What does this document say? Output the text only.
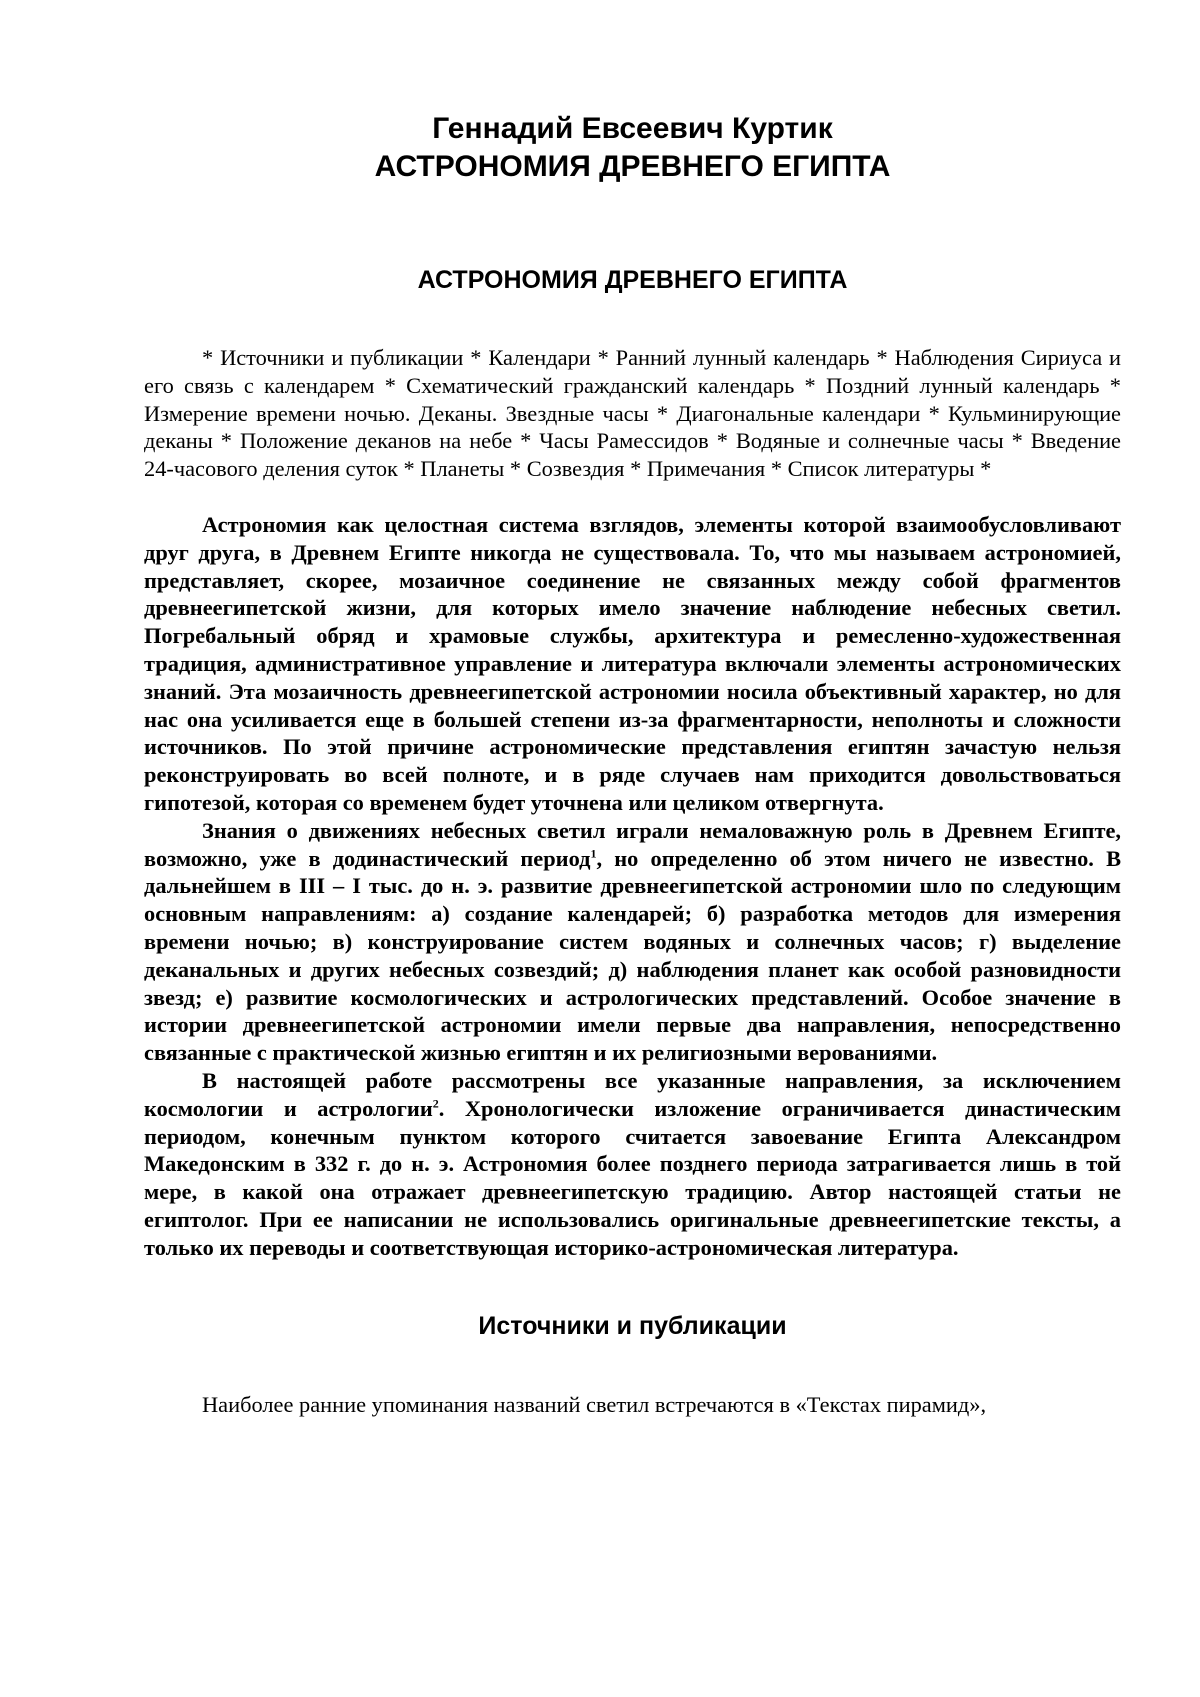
Геннадий Евсеевич Куртик

АСТРОНОМИЯ ДРЕВНЕГО ЕГИПТА

АСТРОНОМИЯ ДРЕВНЕГО ЕГИПТА

* Источники и публикации * Календари * Ранний лунный календарь * Наблюдения Сириуса и его связь с календарем * Схематический гражданский календарь * Поздний лунный календарь * Измерение времени ночью. Деканы. Звездные часы * Диагональные календари * Кульминирующие деканы * Положение деканов на небе * Часы Рамессидов * Водяные и солнечные часы * Введение 24-часового деления суток * Планеты * Созвездия * Примечания * Список литературы *

Астрономия как целостная система взглядов, элементы которой взаимообусловливают друг друга, в Древнем Египте никогда не существовала. То, что мы называем астрономией, представляет, скорее, мозаичное соединение не связанных между собой фрагментов древнеегипетской жизни, для которых имело значение наблюдение небесных светил. Погребальный обряд и храмовые службы, архитектура и ремесленно-художественная традиция, административное управление и литература включали элементы астрономических знаний. Эта мозаичность древнеегипетской астрономии носила объективный характер, но для нас она усиливается еще в большей степени из-за фрагментарности, неполноты и сложности источников. По этой причине астрономические представления египтян зачастую нельзя реконструировать во всей полноте, и в ряде случаев нам приходится довольствоваться гипотезой, которая со временем будет уточнена или целиком отвергнута.

Знания о движениях небесных светил играли немаловажную роль в Древнем Египте, возможно, уже в додинастический период$^1$, но определенно об этом ничего не известно. В дальнейшем в III – I тыс. до н. э. развитие древнеегипетской астрономии шло по следующим основным направлениям: а) создание календарей; б) разработка методов для измерения времени ночью; в) конструирование систем водяных и солнечных часов; г) выделение деканальных и других небесных созвездий; д) наблюдения планет как особой разновидности звезд; е) развитие космологических и астрологических представлений. Особое значение в истории древнеегипетской астрономии имели первые два направления, непосредственно связанные с практической жизнью египтян и их религиозными верованиями.

В настоящей работе рассмотрены все указанные направления, за исключением космологии и астрологии$^2$. Хронологически изложение ограничивается династическим периодом, конечным пунктом которого считается завоевание Египта Александром Македонским в 332 г. до н. э. Астрономия более позднего периода затрагивается лишь в той мере, в какой она отражает древнеегипетскую традицию. Автор настоящей статьи не египтолог. При ее написании не использовались оригинальные древнеегипетские тексты, а только их переводы и соответствующая историко-астрономическая литература.

Источники и публикации

Наиболее ранние упоминания названий светил встречаются в «Текстах пирамид»,
